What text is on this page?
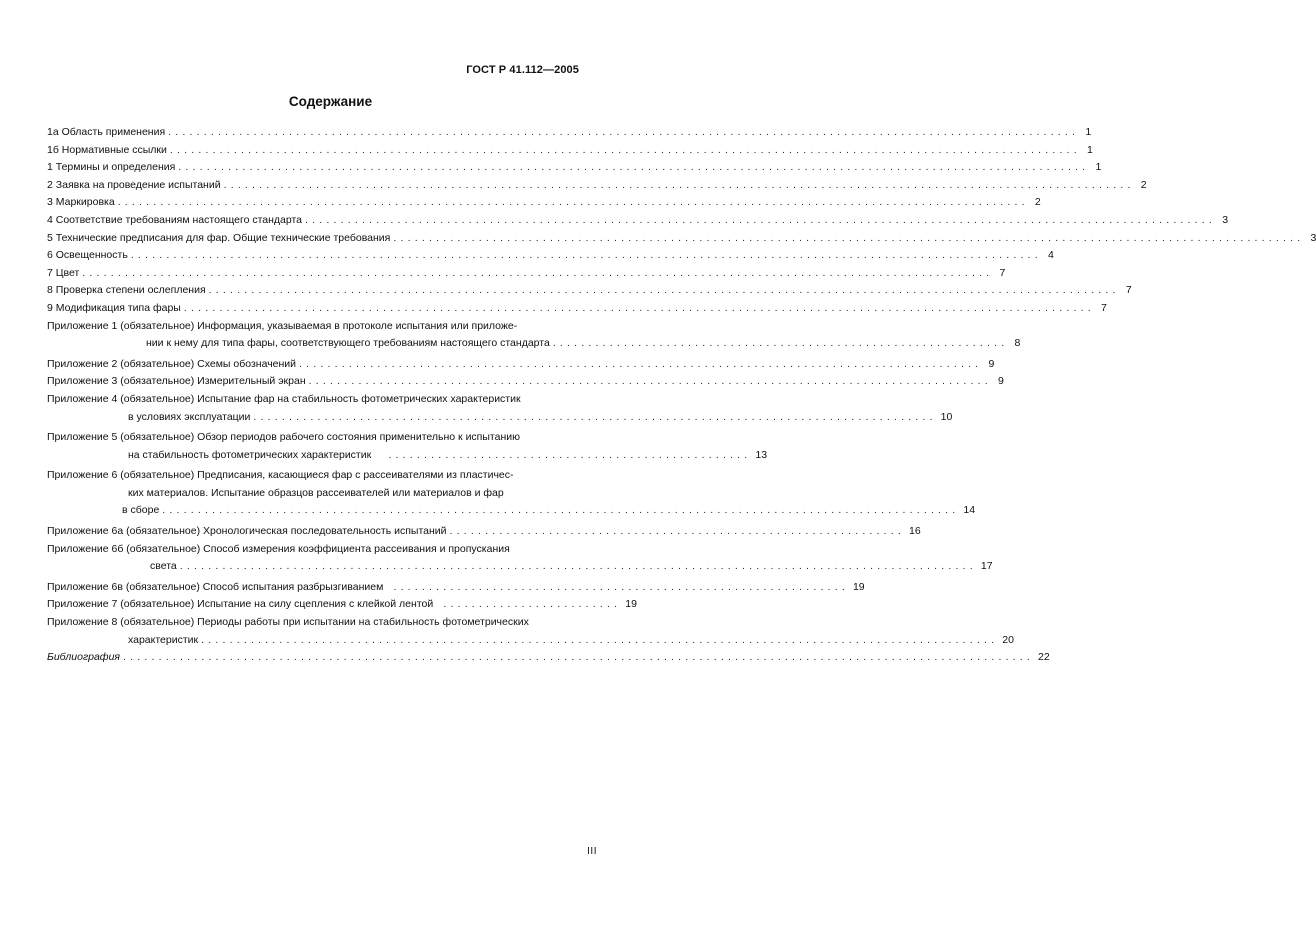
ГОСТ Р 41.112—2005
Содержание
1а Область применения ................................................................................................................................ 1
1б Нормативные ссылки ................................................................................................................................ 1
1 Термины и определения ................................................................................................................................ 1
2 Заявка на проведение испытаний ................................................................................................................................ 2
3 Маркировка ................................................................................................................................ 2
4 Соответствие требованиям настоящего стандарта ................................................................................................................................ 3
5 Технические предписания для фар. Общие технические требования ................................................................................................................................ 3
6 Освещенность ................................................................................................................................ 4
7 Цвет ................................................................................................................................ 7
8 Проверка степени ослепления ................................................................................................................................ 7
9 Модификация типа фары ................................................................................................................................ 7
Приложение 1 (обязательное) Информация, указываемая в протоколе испытания или приложе-
нии к нему для типа фары, соответствующего требованиям настоящего стандарта ................................................................ 8
Приложение 2 (обязательное) Схемы обозначений ................................................................................................ 9
Приложение 3 (обязательное) Измерительный экран ................................................................................................ 9
Приложение 4 (обязательное) Испытание фар на стабильность фотометрических характеристик
в условиях эксплуатации ................................................................................................ 10
Приложение 5 (обязательное) Обзор периодов рабочего состояния применительно к испытанию
на стабильность фотометрических характеристик ................................................... 13
Приложение 6 (обязательное) Предписания, касающиеся фар с рассеивателями из пластичес-
ких материалов. Испытание образцов рассеивателей или материалов и фар
в сборе ................................................................................................................ 14
Приложение 6а (обязательное) Хронологическая последовательность испытаний ................................................................ 16
Приложение 6б (обязательное) Способ измерения коэффициента рассеивания и пропускания
света ................................................................................................................ 17
Приложение 6в (обязательное) Способ испытания разбрызгиванием ................................................................ 19
Приложение 7 (обязательное) Испытание на силу сцепления с клейкой лентой ......................... 19
Приложение 8 (обязательное) Периоды работы при испытании на стабильность фотометрических
характеристик ................................................................................................................ 20
Библиография ................................................................................................................................ 22
III
